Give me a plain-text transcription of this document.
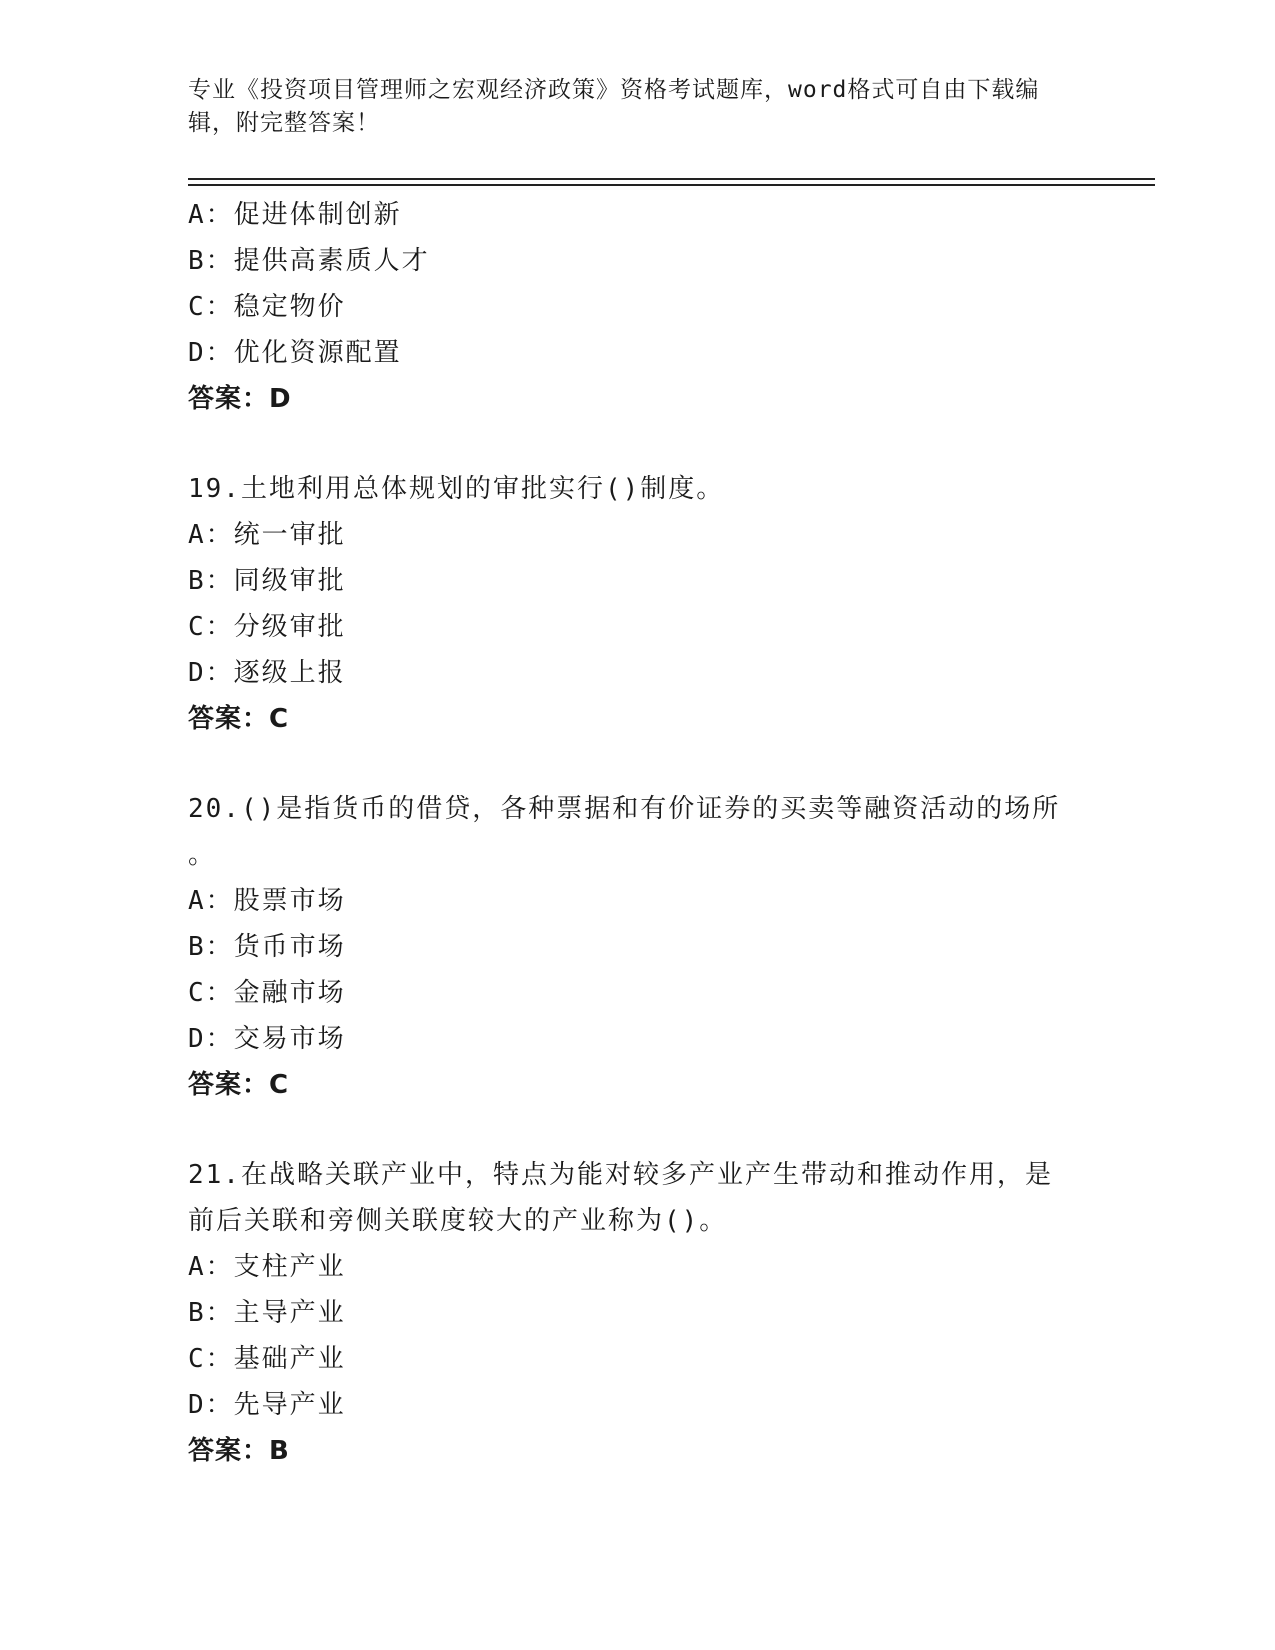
专业《投资项目管理师之宏观经济政策》资格考试题库，word格式可自由下载编
辑，附完整答案！
A：促进体制创新
B：提供高素质人才
C：稳定物价
D：优化资源配置
答案：D
19.土地利用总体规划的审批实行()制度。
A：统一审批
B：同级审批
C：分级审批
D：逐级上报
答案：C
20.()是指货币的借贷，各种票据和有价证券的买卖等融资活动的场所
。
A：股票市场
B：货币市场
C：金融市场
D：交易市场
答案：C
21.在战略关联产业中，特点为能对较多产业产生带动和推动作用，是
前后关联和旁侧关联度较大的产业称为()。
A：支柱产业
B：主导产业
C：基础产业
D：先导产业
答案：B
